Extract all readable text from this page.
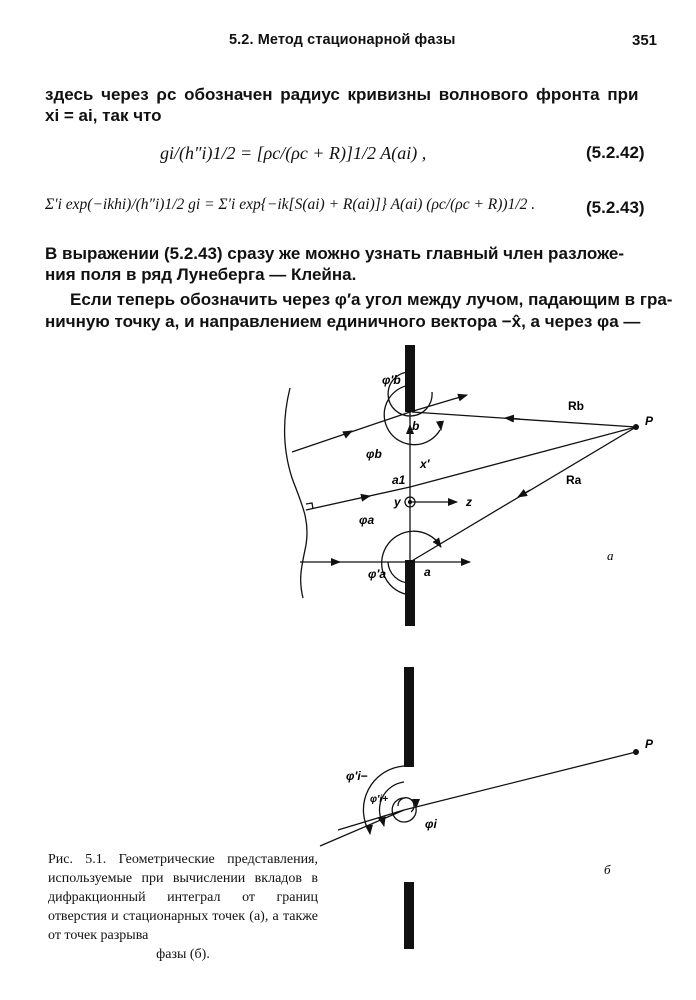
5.2. Метод стационарной фазы	351
здесь через ρc обозначен радиус кривизны волнового фронта при
xi = ai, так что
gi/(h″i)1/2 = [ρc/(ρc + R)]1/2 A(ai) ,	(5.2.42)
Σ′i exp(−ikhi)/(h″i)1/2 gi = Σ′i exp{−ik[S(ai) + R(ai)]} A(ai) (ρc/(ρc + R))1/2 .	(5.2.43)
В выражении (5.2.43) сразу же можно узнать главный член разложе-
ния поля в ряд Лунеберга — Клейна.
Если теперь обозначить через φ′a угол между лучом, падающим в гра-
ничную точку a, и направлением единичного вектора −x̂, а через φa —
P
Rb
Ra
b
a
a1
y	z
x′
φ′b
φb
φa
φ′a
а
P
φ′i−
φ′i+
φi
б
Рис. 5.1. Геометрические представления, используемые при вычислении вкладов в дифракционный интеграл от границ отверстия и стационарных точек (а), а также от точек разрыва
фазы (б).
